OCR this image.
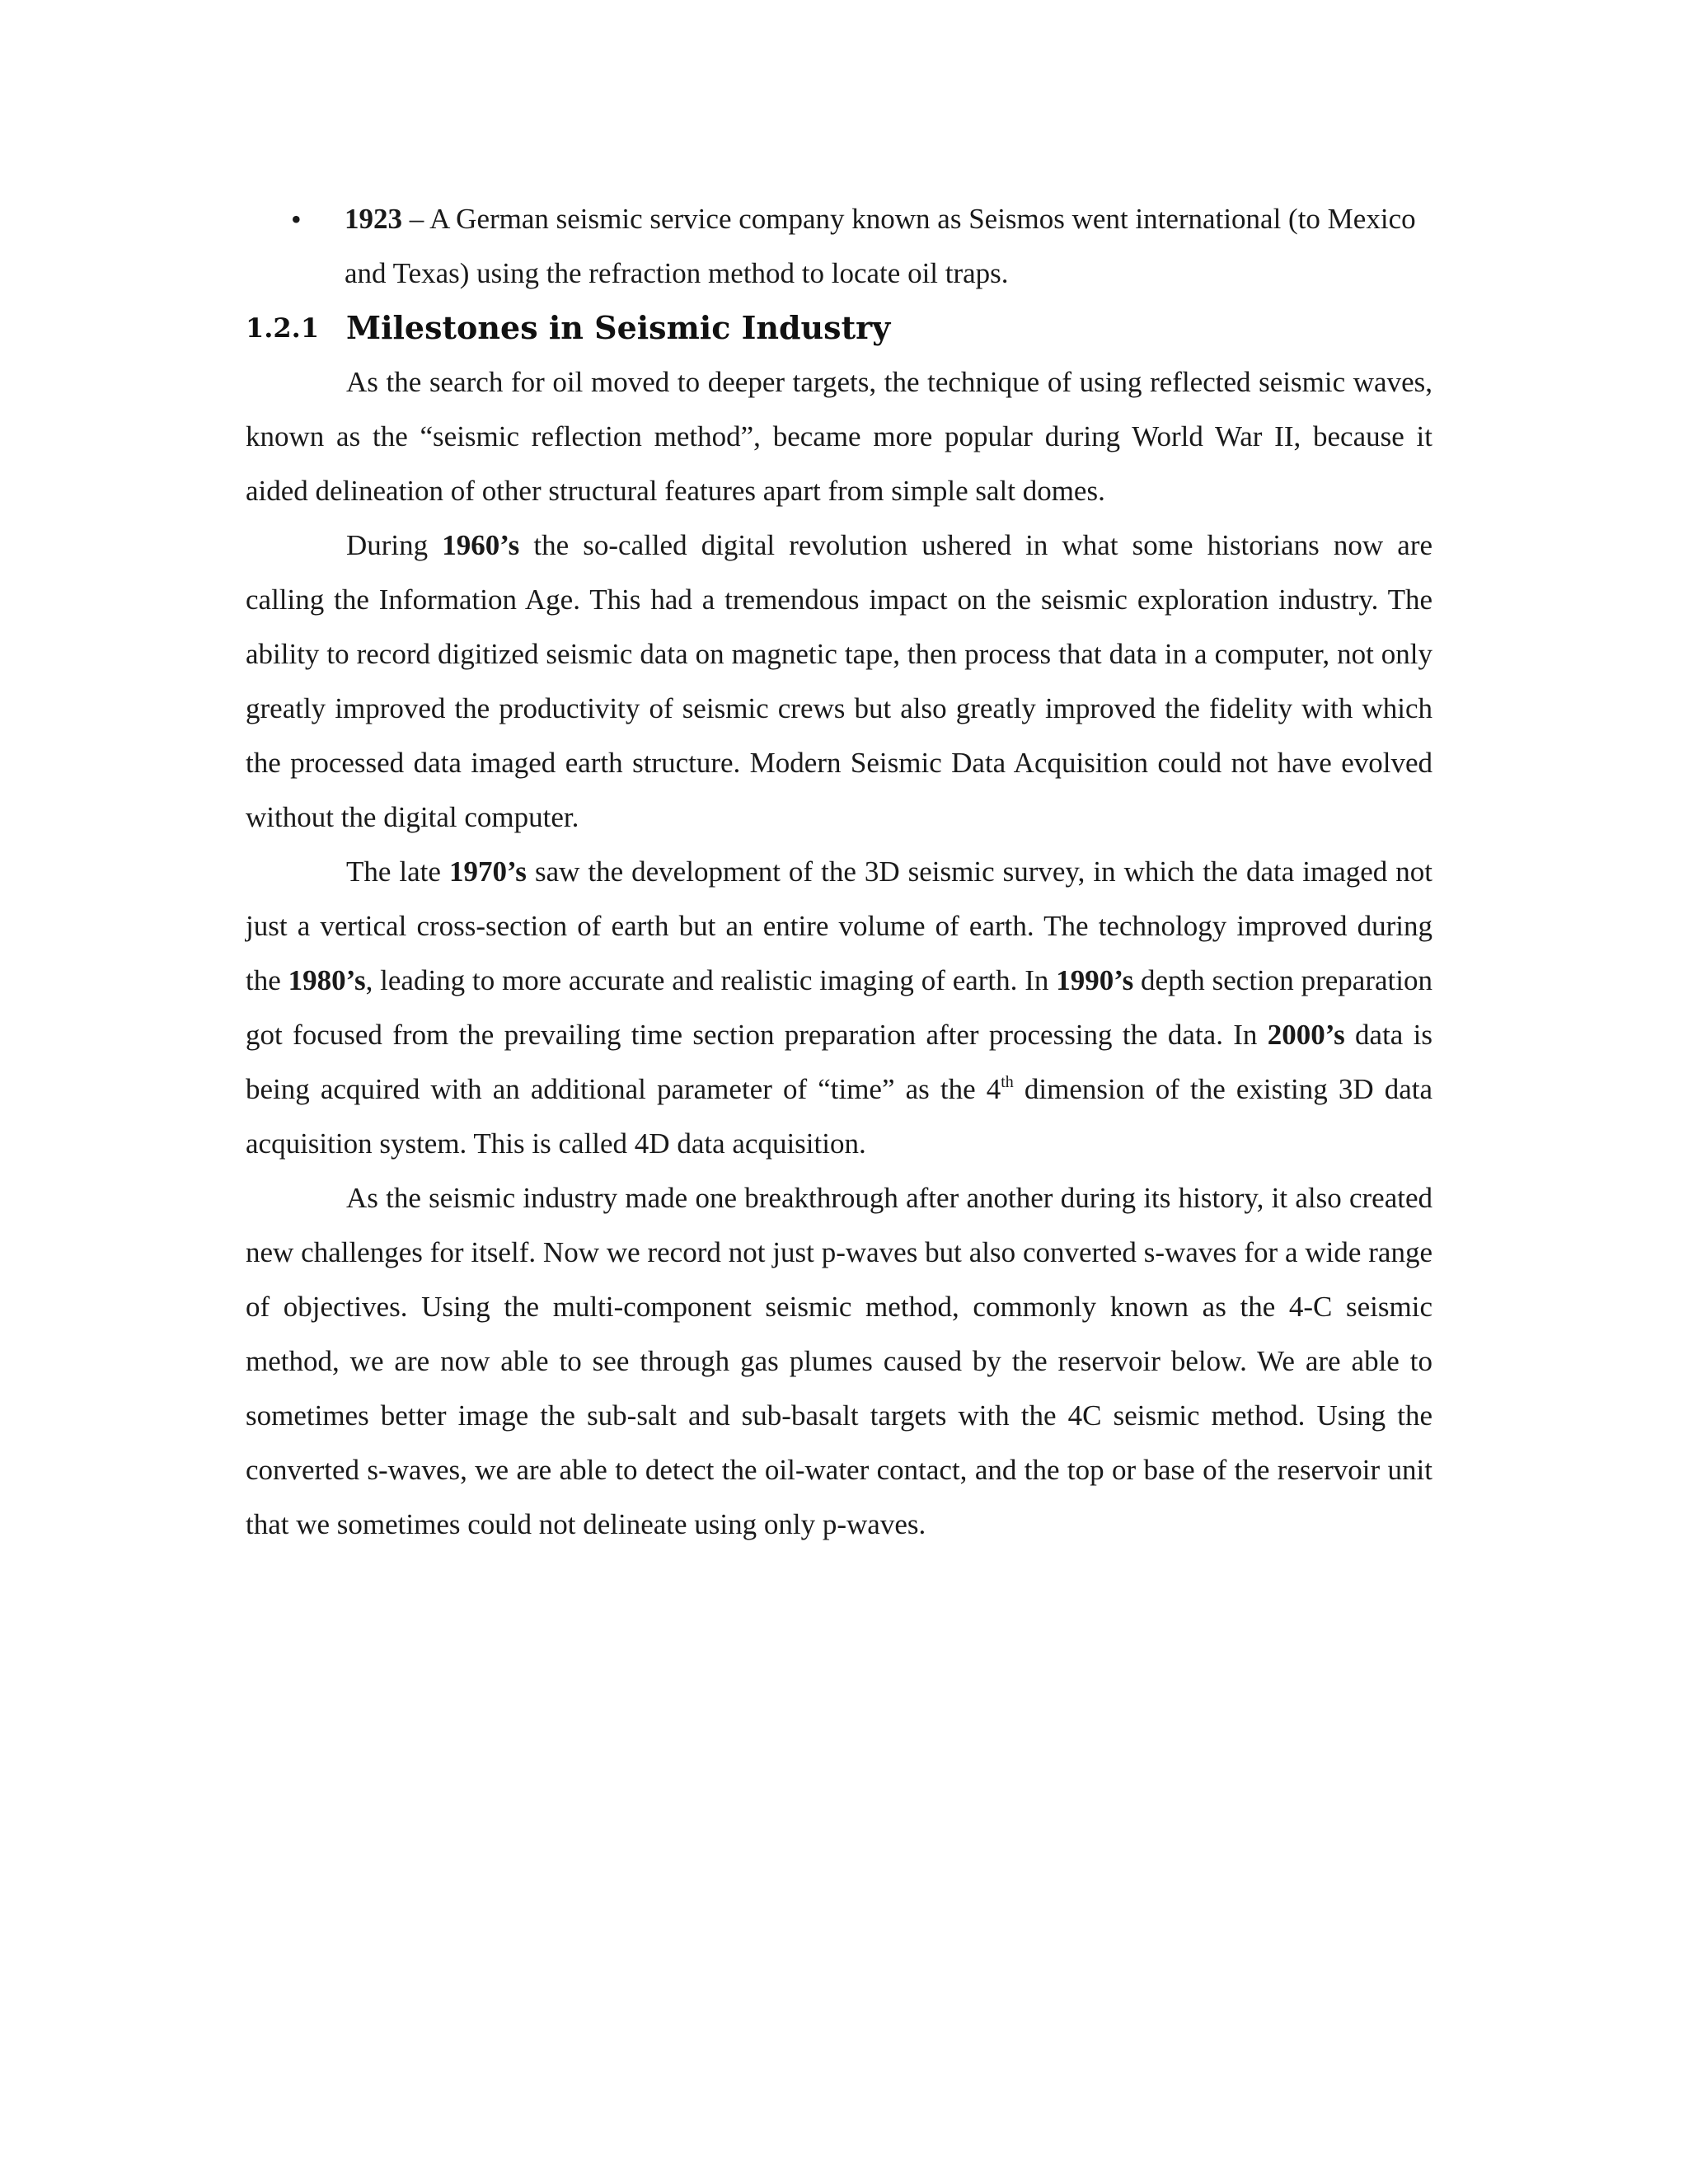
•	1923 – A German seismic service company known as Seismos went international (to Mexico and Texas) using the refraction method to locate oil traps.

1.2.1 Milestones in Seismic Industry

As the search for oil moved to deeper targets, the technique of using reflected seismic waves, known as the “seismic reflection method”, became more popular during World War II, because it aided delineation of other structural features apart from simple salt domes.

During 1960’s the so-called digital revolution ushered in what some historians now are calling the Information Age. This had a tremendous impact on the seismic exploration industry. The ability to record digitized seismic data on magnetic tape, then process that data in a computer, not only greatly improved the productivity of seismic crews but also greatly improved the fidelity with which the processed data imaged earth structure. Modern Seismic Data Acquisition could not have evolved without the digital computer.

The late 1970’s saw the development of the 3D seismic survey, in which the data imaged not just a vertical cross-section of earth but an entire volume of earth. The technology improved during the 1980’s, leading to more accurate and realistic imaging of earth. In 1990’s depth section preparation got focused from the prevailing time section preparation after processing the data. In 2000’s data is being acquired with an additional parameter of “time” as the 4th dimension of the existing 3D data acquisition system. This is called 4D data acquisition.

As the seismic industry made one breakthrough after another during its history, it also created new challenges for itself. Now we record not just p-waves but also converted s-waves for a wide range of objectives. Using the multi-component seismic method, commonly known as the 4-C seismic method, we are now able to see through gas plumes caused by the reservoir below. We are able to sometimes better image the sub-salt and sub-basalt targets with the 4C seismic method. Using the converted s-waves, we are able to detect the oil-water contact, and the top or base of the reservoir unit that we sometimes could not delineate using only p-waves.
